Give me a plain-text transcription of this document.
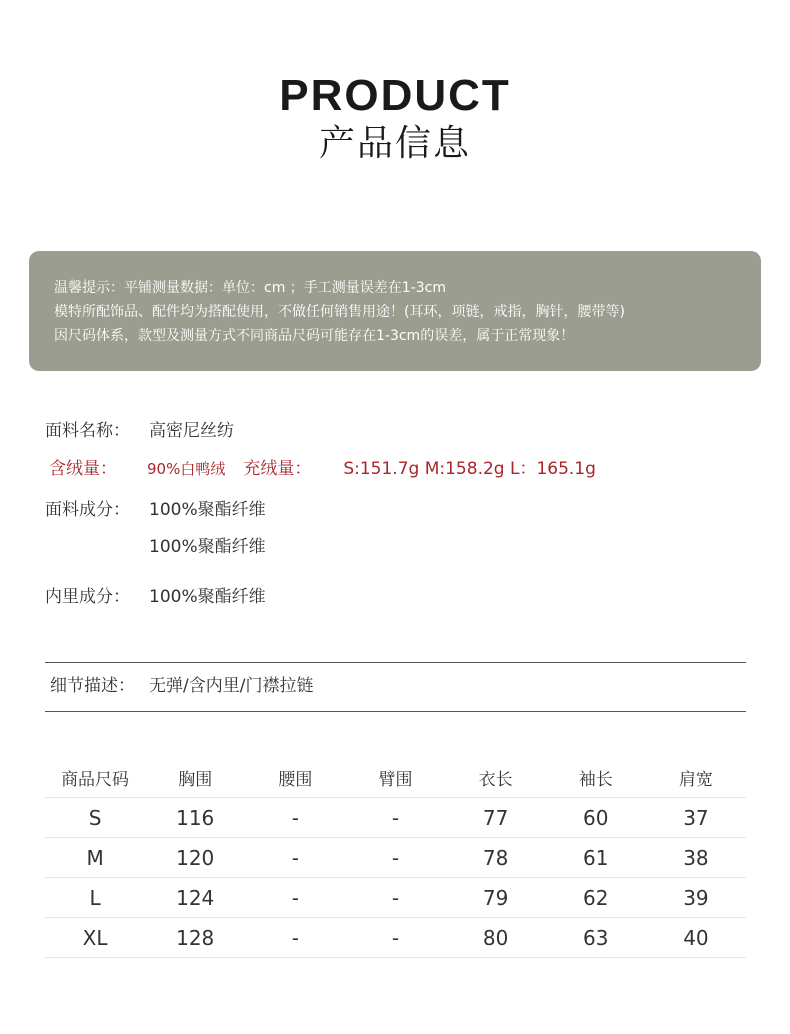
PRODUCT
产品信息
温馨提示：平铺测量数据：单位：cm ；手工测量误差在1-3cm
模特所配饰品、配件均为搭配使用，不做任何销售用途！(耳环，项链，戒指，胸针，腰带等)
因尺码体系，款型及测量方式不同商品尺码可能存在1-3cm的误差，属于正常现象！
面料名称： 高密尼丝纺
含绒量： 90%白鸭绒 充绒量： S:151.7g M:158.2g L：165.1g
面料成分： 100%聚酯纤维
100%聚酯纤维
内里成分： 100%聚酯纤维
细节描述： 无弹/含内里/门襟拉链
商品尺码	胸围	腰围	臂围	衣长	袖长	肩宽
S	116	-	-	77	60	37
M	120	-	-	78	61	38
L	124	-	-	79	62	39
XL	128	-	-	80	63	40
